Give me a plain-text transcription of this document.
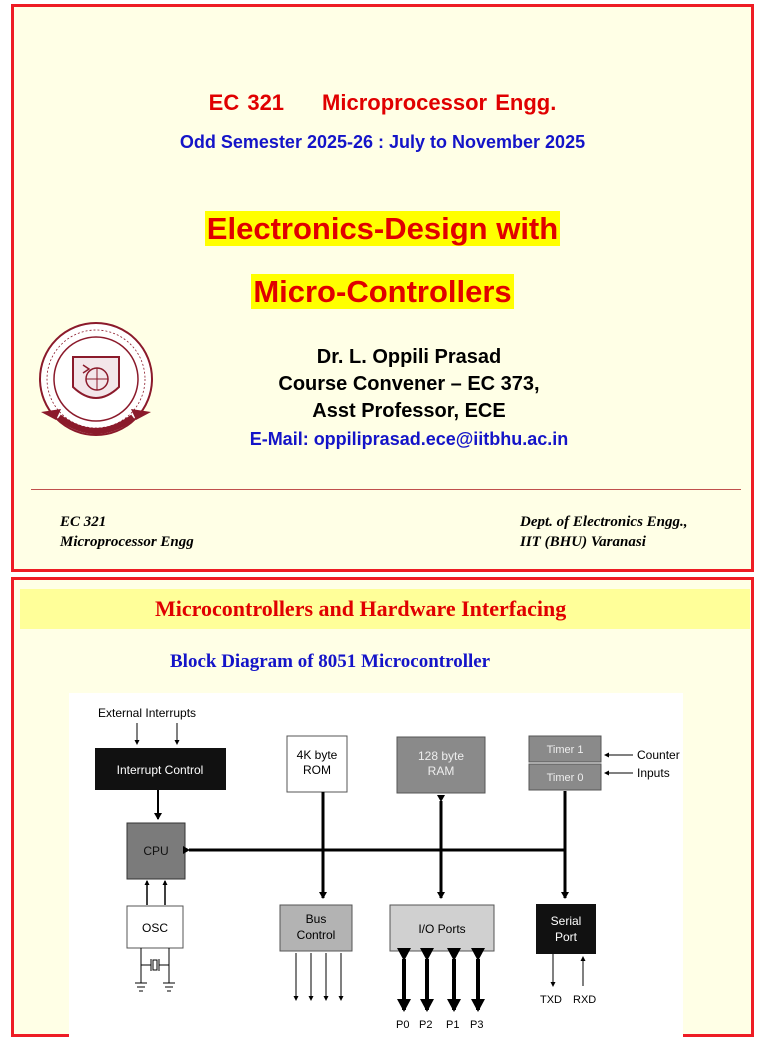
EC 321 Microprocessor Engg.
Odd Semester 2025-26 : July to November 2025
Electronics-Design with
Micro-Controllers
Dr. L. Oppili Prasad
Course Convener – EC 373,
Asst Professor, ECE
E-Mail: oppiliprasad.ece@iitbhu.ac.in
EC 321
Microprocessor Engg
Dept. of Electronics Engg.,
IIT (BHU) Varanasi
Microcontrollers and Hardware Interfacing
Block Diagram of 8051 Microcontroller
External Interrupts
Interrupt Control
CPU
4K byte
ROM
128 byte
RAM
Timer 1
Timer 0
Counter
Inputs
Serial
Port
TXD RXD
Bus
Control	I/O Ports
P0 P2 P1 P3
OSC
